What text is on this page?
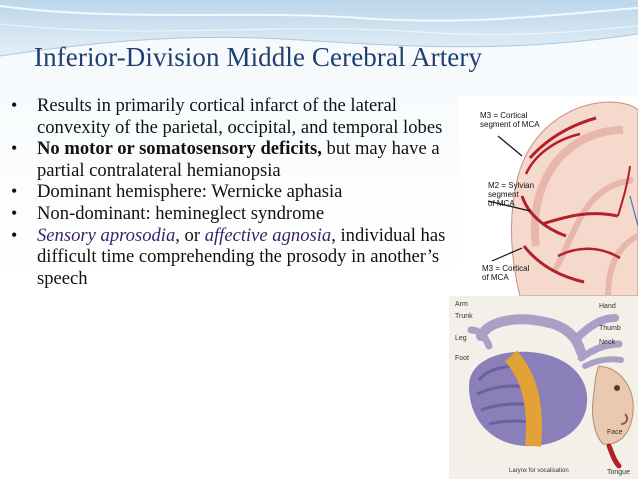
Inferior-Division Middle Cerebral Artery
• Results in primarily cortical infarct of the lateral convexity of the parietal, occipital, and temporal lobes
• No motor or somatosensory deficits, but may have a partial contralateral hemianopsia
• Dominant hemisphere: Wernicke aphasia
• Non-dominant: hemineglect syndrome
• Sensory aprosodia, or affective agnosia, individual has difficult time comprehending the prosody in another’s speech
M3 = Cortical
segment of MCA
M2 = Sylvian
segment
of MCA
M3 = Cortical
of MCA
Arm
Trunk
Leg
Foot
Hand
Thumb
Neck
Face
Tongue
Larynx for vocalisation
